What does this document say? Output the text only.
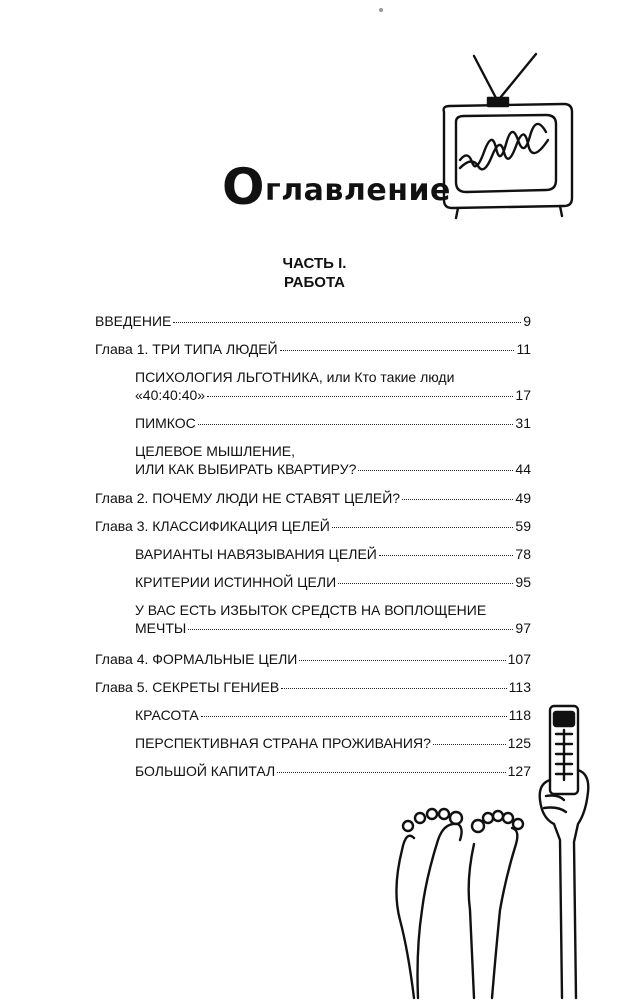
Оглавление
ЧАСТЬ I.
РАБОТА
ВВЕДЕНИЕ	9
Глава 1. ТРИ ТИПА ЛЮДЕЙ	11
ПСИХОЛОГИЯ ЛЬГОТНИКА, или Кто такие люди
«40:40:40»	17
ПИМКОС	31
ЦЕЛЕВОЕ МЫШЛЕНИЕ,
ИЛИ КАК ВЫБИРАТЬ КВАРТИРУ?	44
Глава 2. ПОЧЕМУ ЛЮДИ НЕ СТАВЯТ ЦЕЛЕЙ?	49
Глава 3. КЛАССИФИКАЦИЯ ЦЕЛЕЙ	59
ВАРИАНТЫ НАВЯЗЫВАНИЯ ЦЕЛЕЙ	78
КРИТЕРИИ ИСТИННОЙ ЦЕЛИ	95
У ВАС ЕСТЬ ИЗБЫТОК СРЕДСТВ НА ВОПЛОЩЕНИЕ
МЕЧТЫ	97
Глава 4. ФОРМАЛЬНЫЕ ЦЕЛИ	107
Глава 5. СЕКРЕТЫ ГЕНИЕВ	113
КРАСОТА	118
ПЕРСПЕКТИВНАЯ СТРАНА ПРОЖИВАНИЯ?	125
БОЛЬШОЙ КАПИТАЛ	127
